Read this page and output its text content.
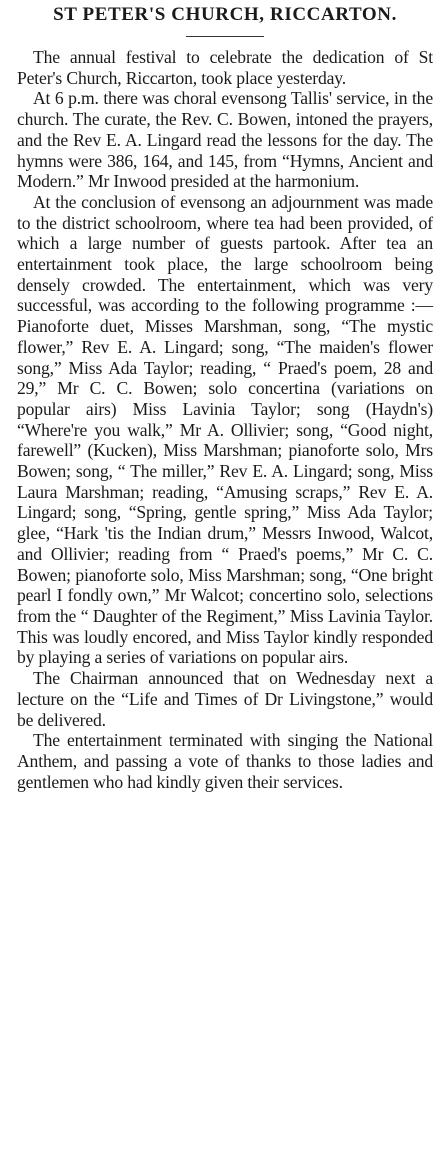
ST PETER'S CHURCH, RICCARTON.

The annual festival to celebrate the dedication of St Peter's Church, Riccarton, took place yesterday.

At 6 p.m. there was choral evensong Tallis' service, in the church. The curate, the Rev. C. Bowen, intoned the prayers, and the Rev E. A. Lingard read the lessons for the day. The hymns were 386, 164, and 145, from “Hymns, Ancient and Modern.” Mr Inwood presided at the harmonium.

At the conclusion of evensong an adjournment was made to the district schoolroom, where tea had been provided, of which a large number of guests partook. After tea an entertainment took place, the large schoolroom being densely crowded. The entertainment, which was very successful, was according to the following programme :— Pianoforte duet, Misses Marshman, song, “The mystic flower,” Rev E. A. Lingard; song, “The maiden's flower song,” Miss Ada Taylor; reading, “ Praed's poem, 28 and 29,” Mr C. C. Bowen; solo concertina (variations on popular airs) Miss Lavinia Taylor; song (Haydn's) “Where're you walk,” Mr A. Ollivier; song, “Good night, farewell” (Kucken), Miss Marshman; pianoforte solo, Mrs Bowen; song, “ The miller,” Rev E. A. Lingard; song, Miss Laura Marshman; reading, “Amusing scraps,” Rev E. A. Lingard; song, “Spring, gentle spring,” Miss Ada Taylor; glee, “Hark 'tis the Indian drum,” Messrs Inwood, Walcot, and Ollivier; reading from “ Praed's poems,” Mr C. C. Bowen; pianoforte solo, Miss Marshman; song, “One bright pearl I fondly own,” Mr Walcot; concertino solo, selections from the “ Daughter of the Regiment,” Miss Lavinia Taylor. This was loudly encored, and Miss Taylor kindly responded by playing a series of variations on popular airs.

The Chairman announced that on Wednesday next a lecture on the “Life and Times of Dr Livingstone,” would be delivered.

The entertainment terminated with singing the National Anthem, and passing a vote of thanks to those ladies and gentlemen who had kindly given their services.
